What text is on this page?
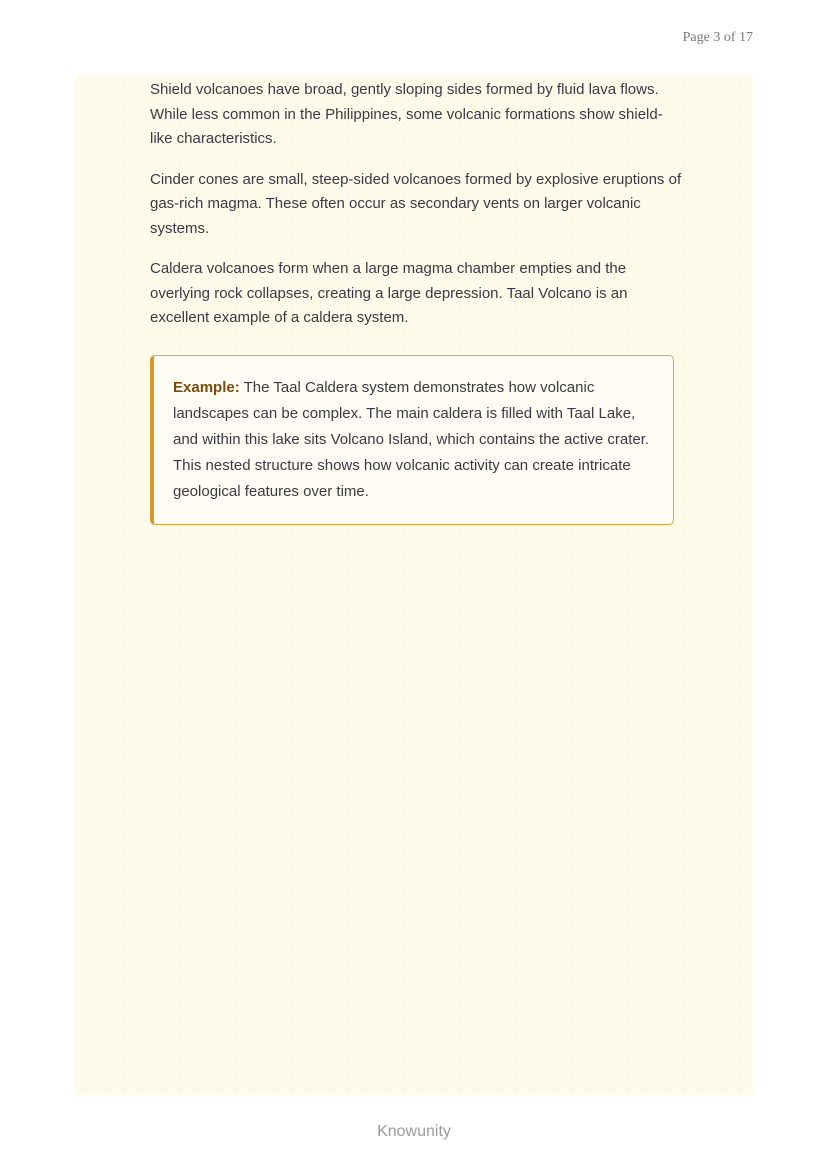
Page 3 of 17

Shield volcanoes have broad, gently sloping sides formed by fluid lava flows. While less common in the Philippines, some volcanic formations show shield-like characteristics.

Cinder cones are small, steep-sided volcanoes formed by explosive eruptions of gas-rich magma. These often occur as secondary vents on larger volcanic systems.

Caldera volcanoes form when a large magma chamber empties and the overlying rock collapses, creating a large depression. Taal Volcano is an excellent example of a caldera system.

Example: The Taal Caldera system demonstrates how volcanic landscapes can be complex. The main caldera is filled with Taal Lake, and within this lake sits Volcano Island, which contains the active crater. This nested structure shows how volcanic activity can create intricate geological features over time.
Knowunity
